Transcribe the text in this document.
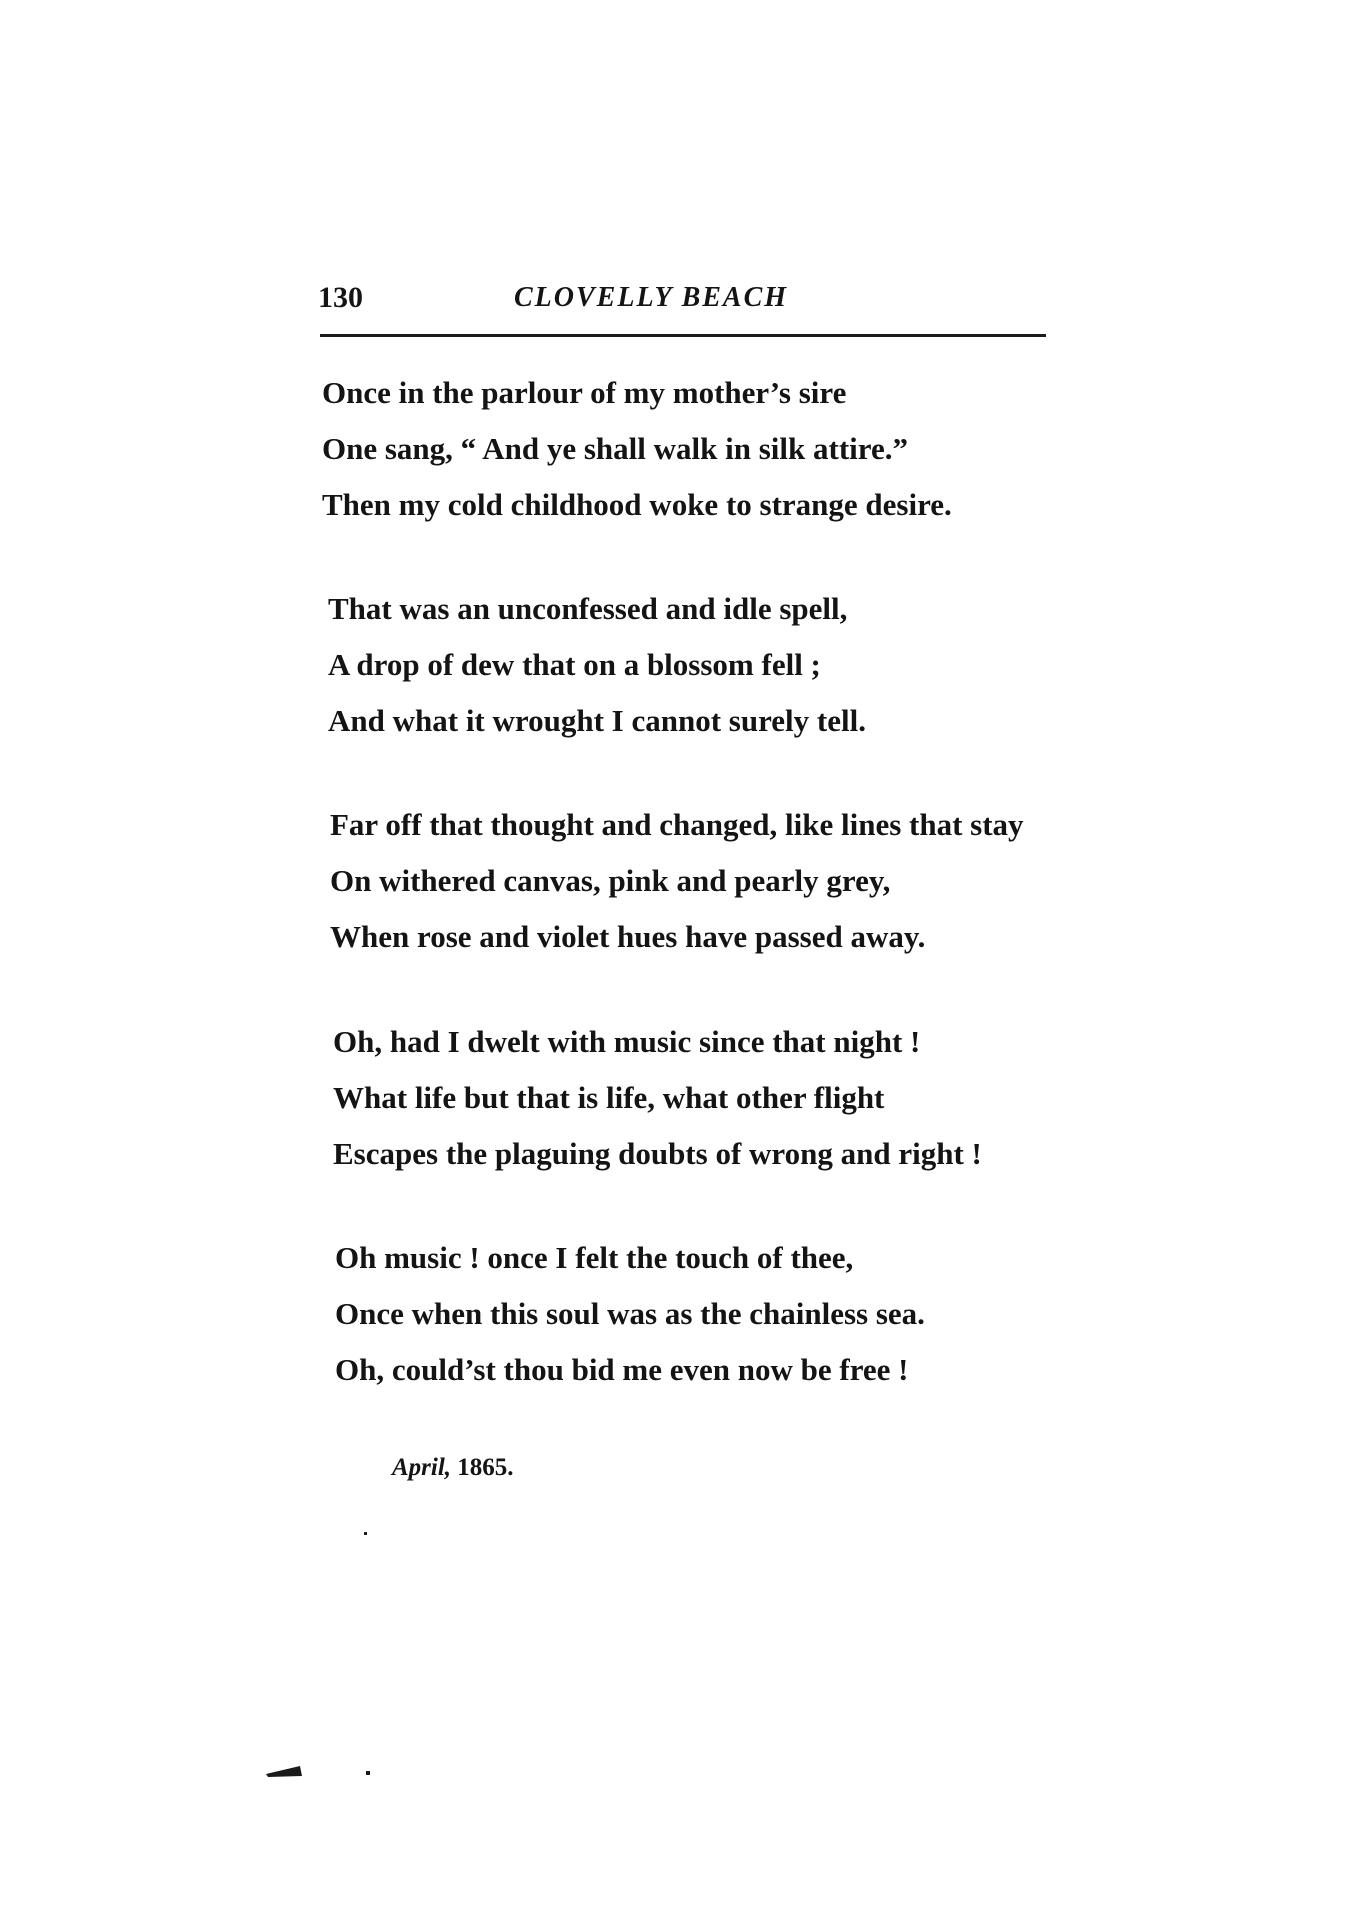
130	CLOVELLY BEACH
Once in the parlour of my mother’s sire
One sang, “ And ye shall walk in silk attire.”
Then my cold childhood woke to strange desire.
That was an unconfessed and idle spell,
A drop of dew that on a blossom fell ;
And what it wrought I cannot surely tell.
Far off that thought and changed, like lines that stay
On withered canvas, pink and pearly grey,
When rose and violet hues have passed away.
Oh, had I dwelt with music since that night !
What life but that is life, what other flight
Escapes the plaguing doubts of wrong and right !
Oh music ! once I felt the touch of thee,
Once when this soul was as the chainless sea.
Oh, could’st thou bid me even now be free !
April, 1865.
